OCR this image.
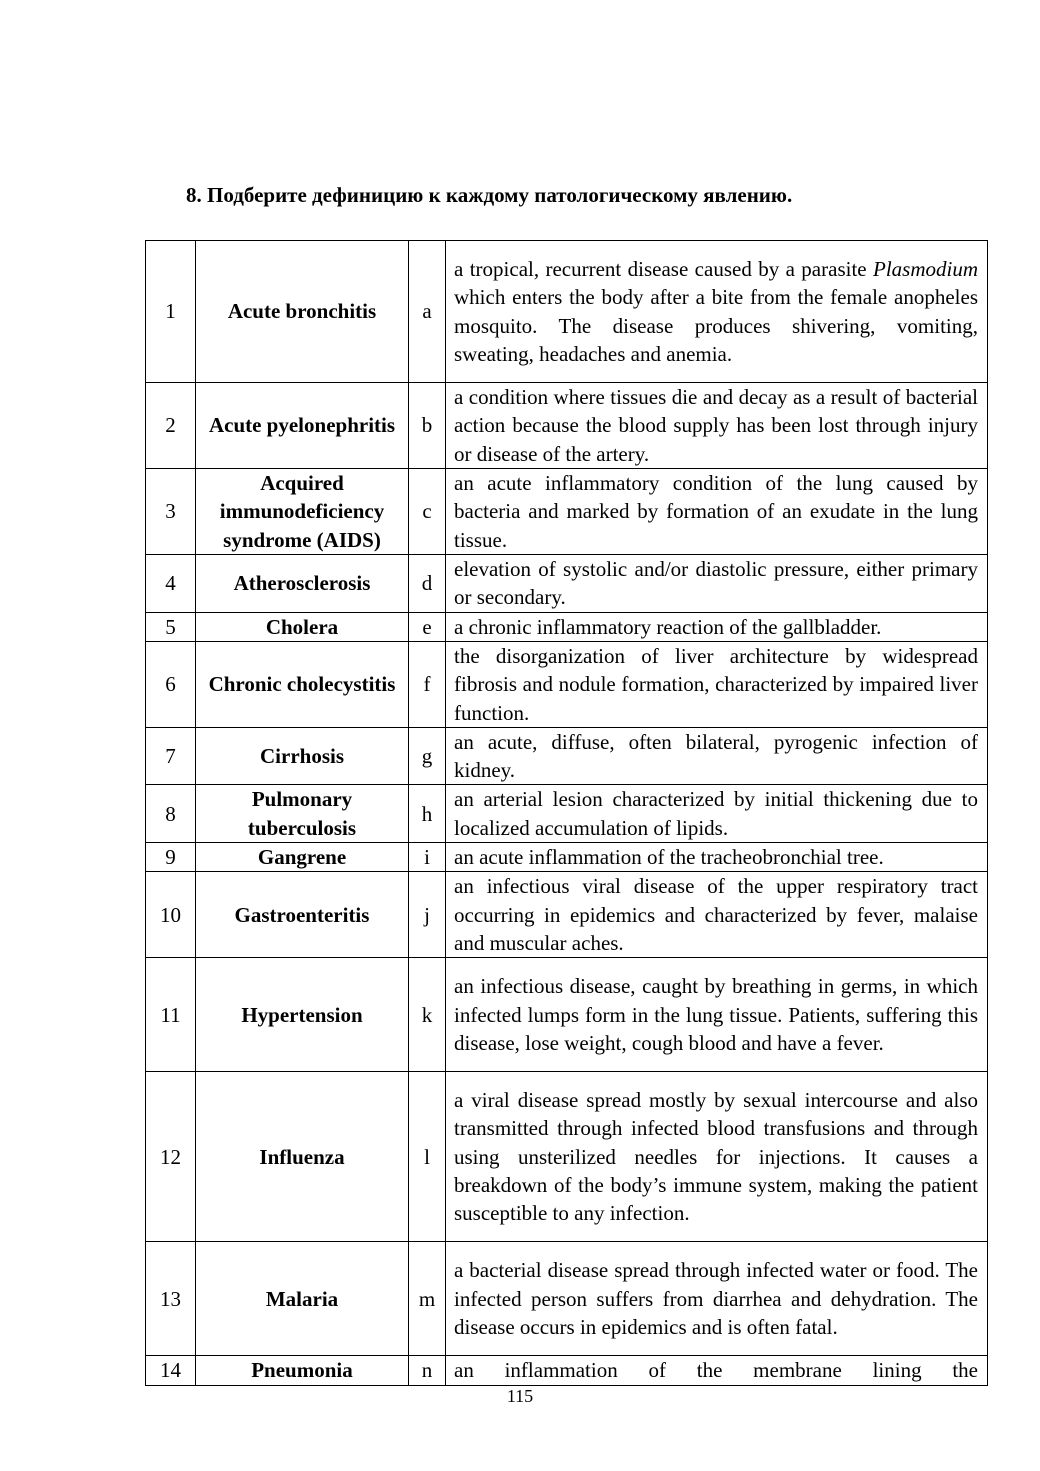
8. Подберите дефиницию к каждому патологическому явлению.
1	Acute bronchitis	a	a tropical, recurrent disease caused by a parasite Plasmodium which enters the body after a bite from the female anopheles mosquito. The disease produces shivering, vomiting, sweating, headaches and anemia.
2	Acute pyelonephritis	b	a condition where tissues die and decay as a result of bacterial action because the blood supply has been lost through injury or disease of the artery.
3	Acquired immunodeficiency syndrome (AIDS)	c	an acute inflammatory condition of the lung caused by bacteria and marked by formation of an exudate in the lung tissue.
4	Atherosclerosis	d	elevation of systolic and/or diastolic pressure, either primary or secondary.
5	Cholera	e	a chronic inflammatory reaction of the gallbladder.
6	Chronic cholecystitis	f	the disorganization of liver architecture by widespread fibrosis and nodule formation, characterized by impaired liver function.
7	Cirrhosis	g	an acute, diffuse, often bilateral, pyrogenic infection of kidney.
8	Pulmonary tuberculosis	h	an arterial lesion characterized by initial thickening due to localized accumulation of lipids.
9	Gangrene	i	an acute inflammation of the tracheobronchial tree.
10	Gastroenteritis	j	an infectious viral disease of the upper respiratory tract occurring in epidemics and characterized by fever, malaise and muscular aches.
11	Hypertension	k	an infectious disease, caught by breathing in germs, in which infected lumps form in the lung tissue. Patients, suffering this disease, lose weight, cough blood and have a fever.
12	Influenza	l	a viral disease spread mostly by sexual intercourse and also transmitted through infected blood transfusions and through using unsterilized needles for injections. It causes a breakdown of the body’s immune system, making the patient susceptible to any infection.
13	Malaria	m	a bacterial disease spread through infected water or food. The infected person suffers from diarrhea and dehydration. The disease occurs in epidemics and is often fatal.
14	Pneumonia	n	an inflammation of the membrane lining the
115
